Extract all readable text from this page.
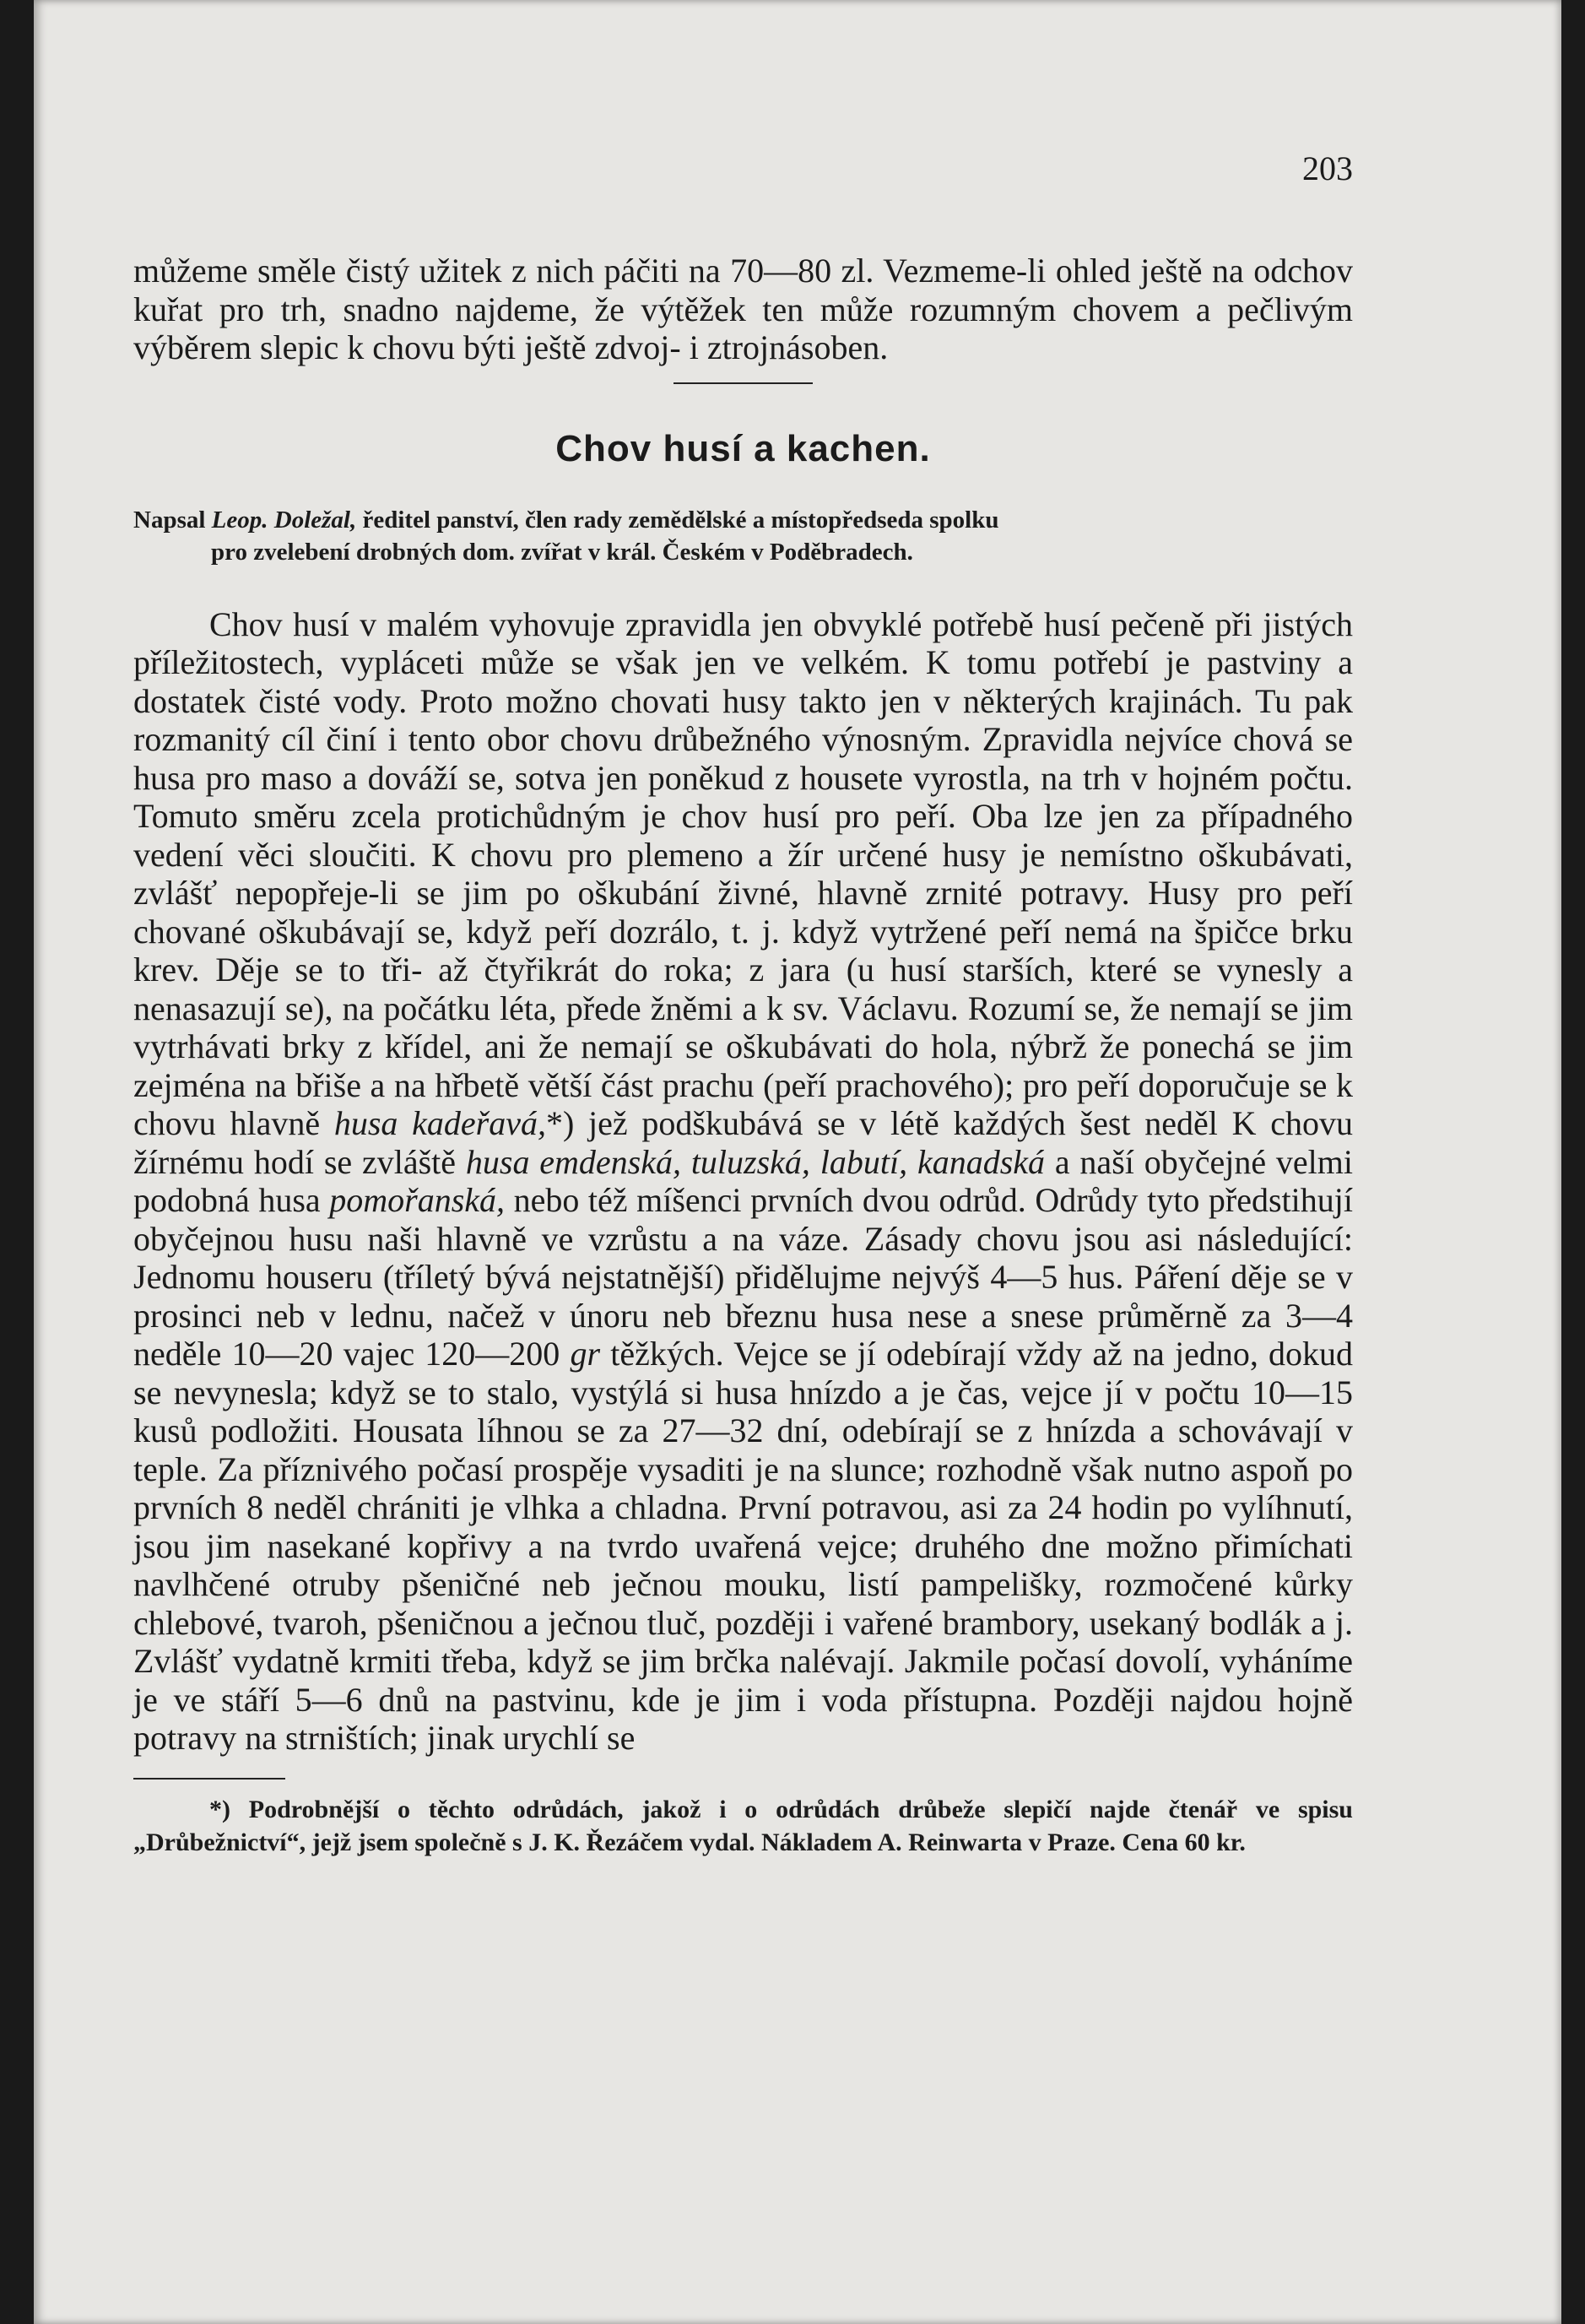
203

můžeme směle čistý užitek z nich páčiti na 70—80 zl. Vezmeme-li ohled ještě na odchov kuřat pro trh, snadno najdeme, že výtěžek ten může rozumným chovem a pečlivým výběrem slepic k chovu býti ještě zdvoj- i ztrojnásoben.

Chov husí a kachen.

Napsal Leop. Doležal, ředitel panství, člen rady zemědělské a místopředseda spolku
pro zvelebení drobných dom. zvířat v král. Českém v Poděbradech.

Chov husí v malém vyhovuje zpravidla jen obvyklé potřebě husí pečeně při jistých příležitostech, vypláceti může se však jen ve velkém. K tomu potřebí je pastviny a dostatek čisté vody. Proto možno chovati husy takto jen v některých krajinách. Tu pak rozmanitý cíl činí i tento obor chovu drůbežného výnosným. Zpravidla nejvíce chová se husa pro maso a dováží se, sotva jen poněkud z housete vyrostla, na trh v hojném počtu. Tomuto směru zcela protichůdným je chov husí pro peří. Oba lze jen za případného vedení věci sloučiti. K chovu pro plemeno a žír určené husy je nemístno oškubávati, zvlášť nepopřeje-li se jim po oškubání živné, hlavně zrnité potravy. Husy pro peří chované oškubávají se, když peří dozrálo, t. j. když vytržené peří nemá na špičce brku krev. Děje se to tři- až čtyřikrát do roka; z jara (u husí starších, které se vynesly a nenasazují se), na počátku léta, přede žněmi a k sv. Václavu. Rozumí se, že nemají se jim vytrhávati brky z křídel, ani že nemají se oškubávati do hola, nýbrž že ponechá se jim zejména na břiše a na hřbetě větší část prachu (peří prachového); pro peří doporučuje se k chovu hlavně husa kadeřavá,*) jež podškubává se v létě každých šest neděl K chovu žírnému hodí se zvláště husa emdenská, tuluzská, labutí, kanadská a naší obyčejné velmi podobná husa pomořanská, nebo též míšenci prvních dvou odrůd. Odrůdy tyto předstihují obyčejnou husu naši hlavně ve vzrůstu a na váze. Zásady chovu jsou asi následující: Jednomu houseru (tříletý bývá nejstatnější) přidělujme nejvýš 4—5 hus. Páření děje se v prosinci neb v lednu, načež v únoru neb březnu husa nese a snese průměrně za 3—4 neděle 10—20 vajec 120—200 gr těžkých. Vejce se jí odebírají vždy až na jedno, dokud se nevynesla; když se to stalo, vystýlá si husa hnízdo a je čas, vejce jí v počtu 10—15 kusů podložiti. Housata líhnou se za 27—32 dní, odebírají se z hnízda a schovávají v teple. Za příznivého počasí prospěje vysaditi je na slunce; rozhodně však nutno aspoň po prvních 8 neděl chrániti je vlhka a chladna. První potravou, asi za 24 hodin po vylíhnutí, jsou jim nasekané kopřivy a na tvrdo uvařená vejce; druhého dne možno přimíchati navlhčené otruby pšeničné neb ječnou mouku, listí pampelišky, rozmočené kůrky chlebové, tvaroh, pšeničnou a ječnou tluč, později i vařené brambory, usekaný bodlák a j. Zvlášť vydatně krmiti třeba, když se jim brčka nalévají. Jakmile počasí dovolí, vyháníme je ve stáří 5—6 dnů na pastvinu, kde je jim i voda přístupna. Později najdou hojně potravy na strništích; jinak urychlí se

*) Podrobnější o těchto odrůdách, jakož i o odrůdách drůbeže slepičí najde čtenář ve spisu „Drůbežnictví“, jejž jsem společně s J. K. Řezáčem vydal. Nákladem A. Reinwarta v Praze. Cena 60 kr.
